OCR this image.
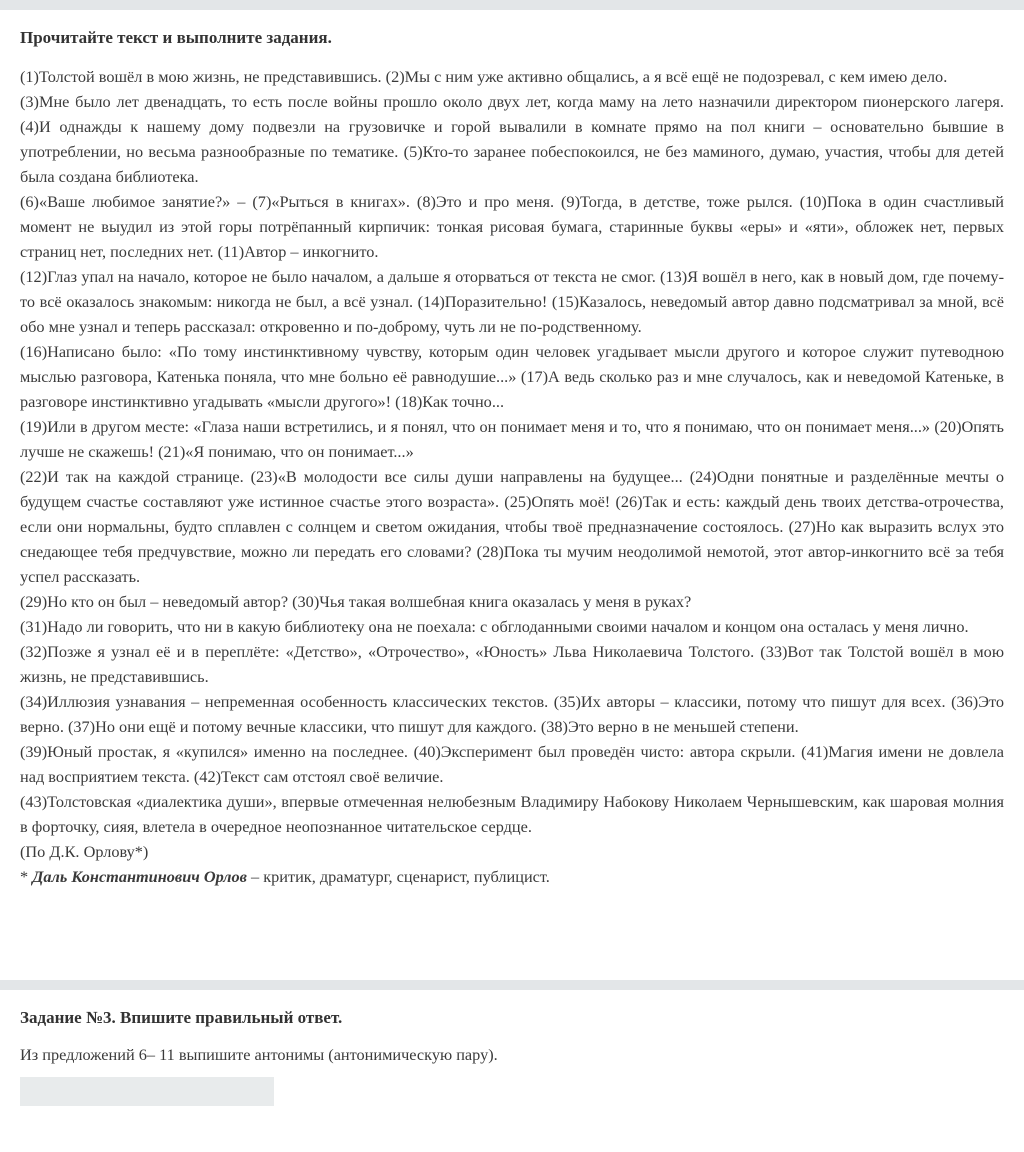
Прочитайте текст и выполните задания.

(1)Толстой вошёл в мою жизнь, не представившись. (2)Мы с ним уже активно общались, а я всё ещё не подозревал, с кем имею дело.

(3)Мне было лет двенадцать, то есть после войны прошло около двух лет, когда маму на лето назначили директором пионерского лагеря. (4)И однажды к нашему дому подвезли на грузовичке и горой вывалили в комнате прямо на пол книги – основательно бывшие в употреблении, но весьма разнообразные по тематике. (5)Кто-то заранее побеспокоился, не без маминого, думаю, участия, чтобы для детей была создана библиотека.

(6)«Ваше любимое занятие?» – (7)«Рыться в книгах». (8)Это и про меня. (9)Тогда, в детстве, тоже рылся. (10)Пока в один счастливый момент не выудил из этой горы потрёпанный кирпичик: тонкая рисовая бумага, старинные буквы «еры» и «яти», обложек нет, первых страниц нет, последних нет. (11)Автор – инкогнито.

(12)Глаз упал на начало, которое не было началом, а дальше я оторваться от текста не смог. (13)Я вошёл в него, как в новый дом, где почему-то всё оказалось знакомым: никогда не был, а всё узнал. (14)Поразительно! (15)Казалось, неведомый автор давно подсматривал за мной, всё обо мне узнал и теперь рассказал: откровенно и по-доброму, чуть ли не по-родственному.

(16)Написано было: «По тому инстинктивному чувству, которым один человек угадывает мысли другого и которое служит путеводною мыслью разговора, Катенька поняла, что мне больно её равнодушие...» (17)А ведь сколько раз и мне случалось, как и неведомой Катеньке, в разговоре инстинктивно угадывать «мысли другого»! (18)Как точно...

(19)Или в другом месте: «Глаза наши встретились, и я понял, что он понимает меня и то, что я понимаю, что он понимает меня...» (20)Опять лучше не скажешь! (21)«Я понимаю, что он понимает...»

(22)И так на каждой странице. (23)«В молодости все силы души направлены на будущее... (24)Одни понятные и разделённые мечты о будущем счастье составляют уже истинное счастье этого возраста». (25)Опять моё! (26)Так и есть: каждый день твоих детства-отрочества, если они нормальны, будто сплавлен с солнцем и светом ожидания, чтобы твоё предназначение состоялось. (27)Но как выразить вслух это снедающее тебя предчувствие, можно ли передать его словами? (28)Пока ты мучим неодолимой немотой, этот автор-инкогнито всё за тебя успел рассказать.

(29)Но кто он был – неведомый автор? (30)Чья такая волшебная книга оказалась у меня в руках?

(31)Надо ли говорить, что ни в какую библиотеку она не поехала: с обглоданными своими началом и концом она осталась у меня лично.

(32)Позже я узнал её и в переплёте: «Детство», «Отрочество», «Юность» Льва Николаевича Толстого. (33)Вот так Толстой вошёл в мою жизнь, не представившись.

(34)Иллюзия узнавания – непременная особенность классических текстов. (35)Их авторы – классики, потому что пишут для всех. (36)Это верно. (37)Но они ещё и потому вечные классики, что пишут для каждого. (38)Это верно в не меньшей степени.

(39)Юный простак, я «купился» именно на последнее. (40)Эксперимент был проведён чисто: автора скрыли. (41)Магия имени не довлела над восприятием текста. (42)Текст сам отстоял своё величие.

(43)Толстовская «диалектика души», впервые отмеченная нелюбезным Владимиру Набокову Николаем Чернышевским, как шаровая молния в форточку, сияя, влетела в очередное неопознанное читательское сердце.

(По Д.К. Орлову*)

* Даль Константинович Орлов – критик, драматург, сценарист, публицист.

Задание №3. Впишите правильный ответ.
Из предложений 6– 11 выпишите антонимы (антонимическую пару).
